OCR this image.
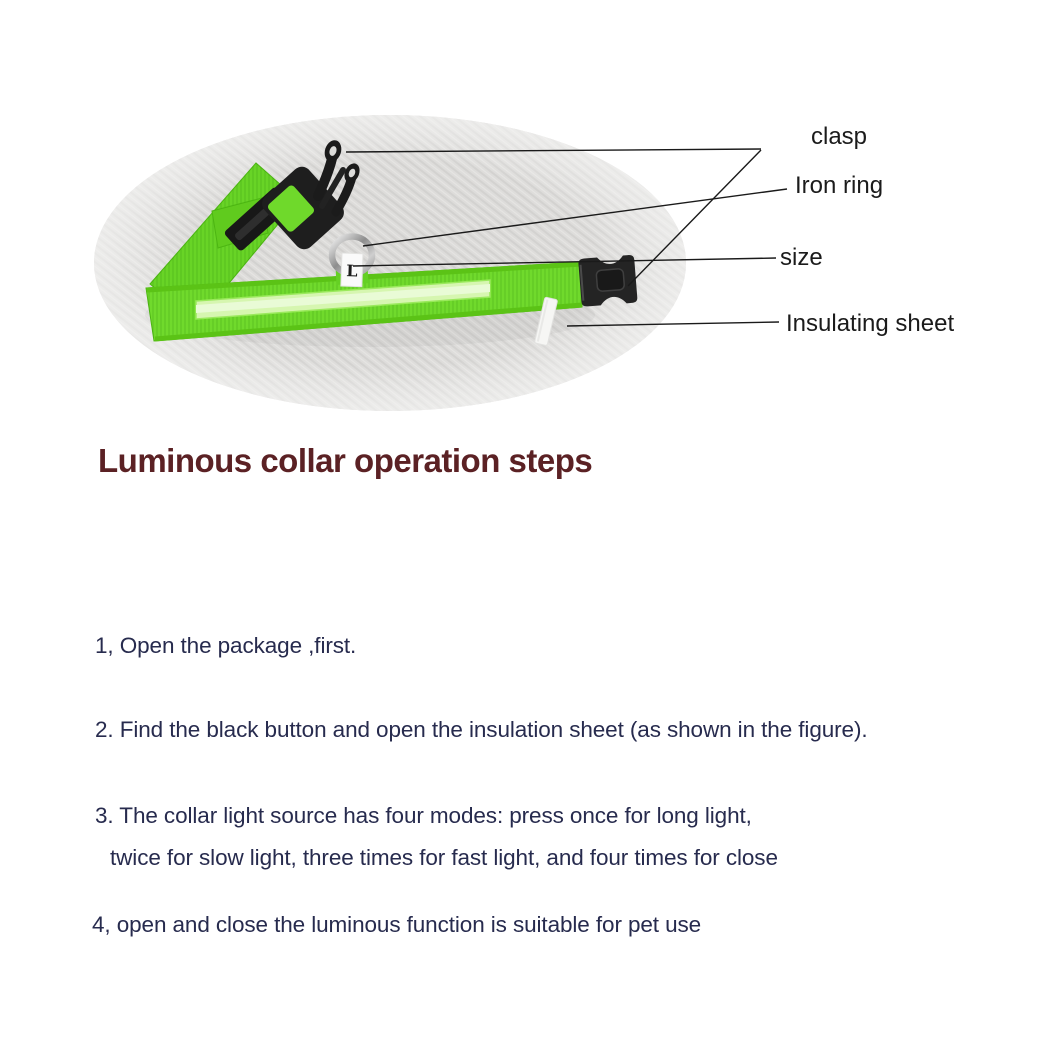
L
clasp
Iron ring
size
Insulating sheet
Luminous collar operation steps
1, Open the package ,first.
2. Find the black button and open the insulation sheet (as shown in the figure).
3. The collar light source has four modes: press once for long light,
twice for slow light, three times for fast light, and four times for close
4, open and close the luminous function is suitable for pet use
